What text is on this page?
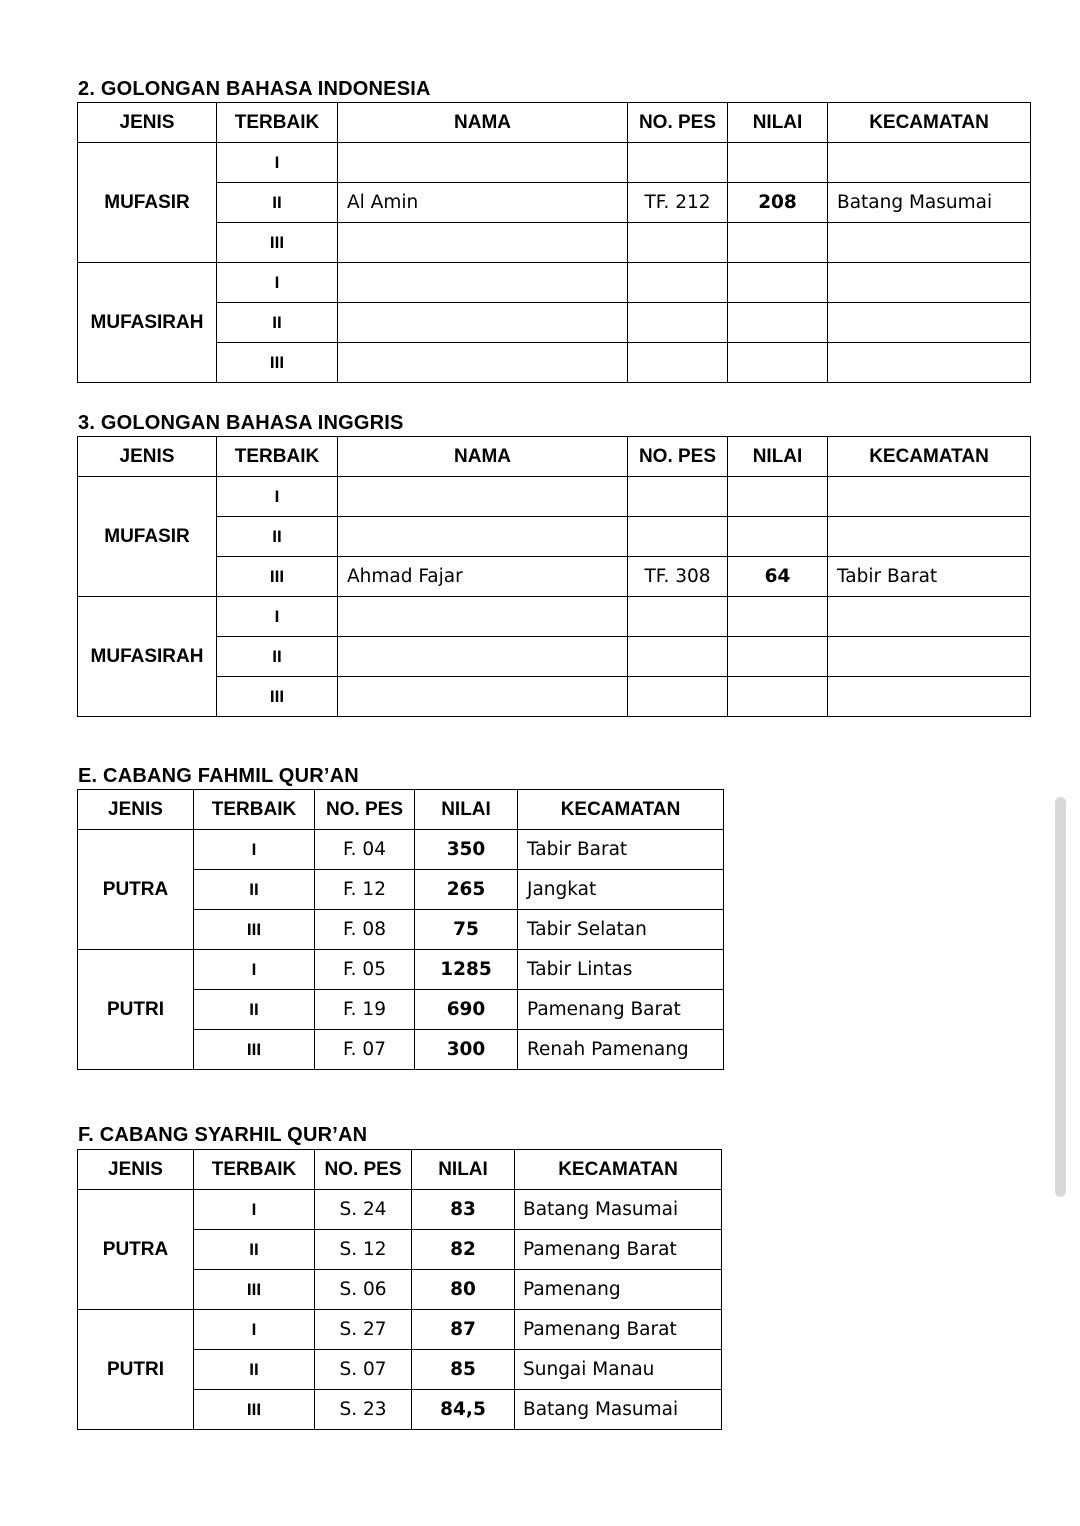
2. GOLONGAN BAHASA INDONESIA
JENIS	TERBAIK	NAMA	NO. PES	NILAI	KECAMATAN
MUFASIR	I				
	II	Al Amin	TF. 212	208	Batang Masumai
	III				
MUFASIRAH	I				
	II				
	III				
3. GOLONGAN BAHASA INGGRIS
JENIS	TERBAIK	NAMA	NO. PES	NILAI	KECAMATAN
MUFASIR	I				
	II				
	III	Ahmad Fajar	TF. 308	64	Tabir Barat
MUFASIRAH	I				
	II				
	III				
E. CABANG FAHMIL QUR’AN
JENIS	TERBAIK	NO. PES	NILAI	KECAMATAN
PUTRA	I	F. 04	350	Tabir Barat
	II	F. 12	265	Jangkat
	III	F. 08	75	Tabir Selatan
PUTRI	I	F. 05	1285	Tabir Lintas
	II	F. 19	690	Pamenang Barat
	III	F. 07	300	Renah Pamenang
F. CABANG SYARHIL QUR’AN
JENIS	TERBAIK	NO. PES	NILAI	KECAMATAN
PUTRA	I	S. 24	83	Batang Masumai
	II	S. 12	82	Pamenang Barat
	III	S. 06	80	Pamenang
PUTRI	I	S. 27	87	Pamenang Barat
	II	S. 07	85	Sungai Manau
	III	S. 23	84,5	Batang Masumai
